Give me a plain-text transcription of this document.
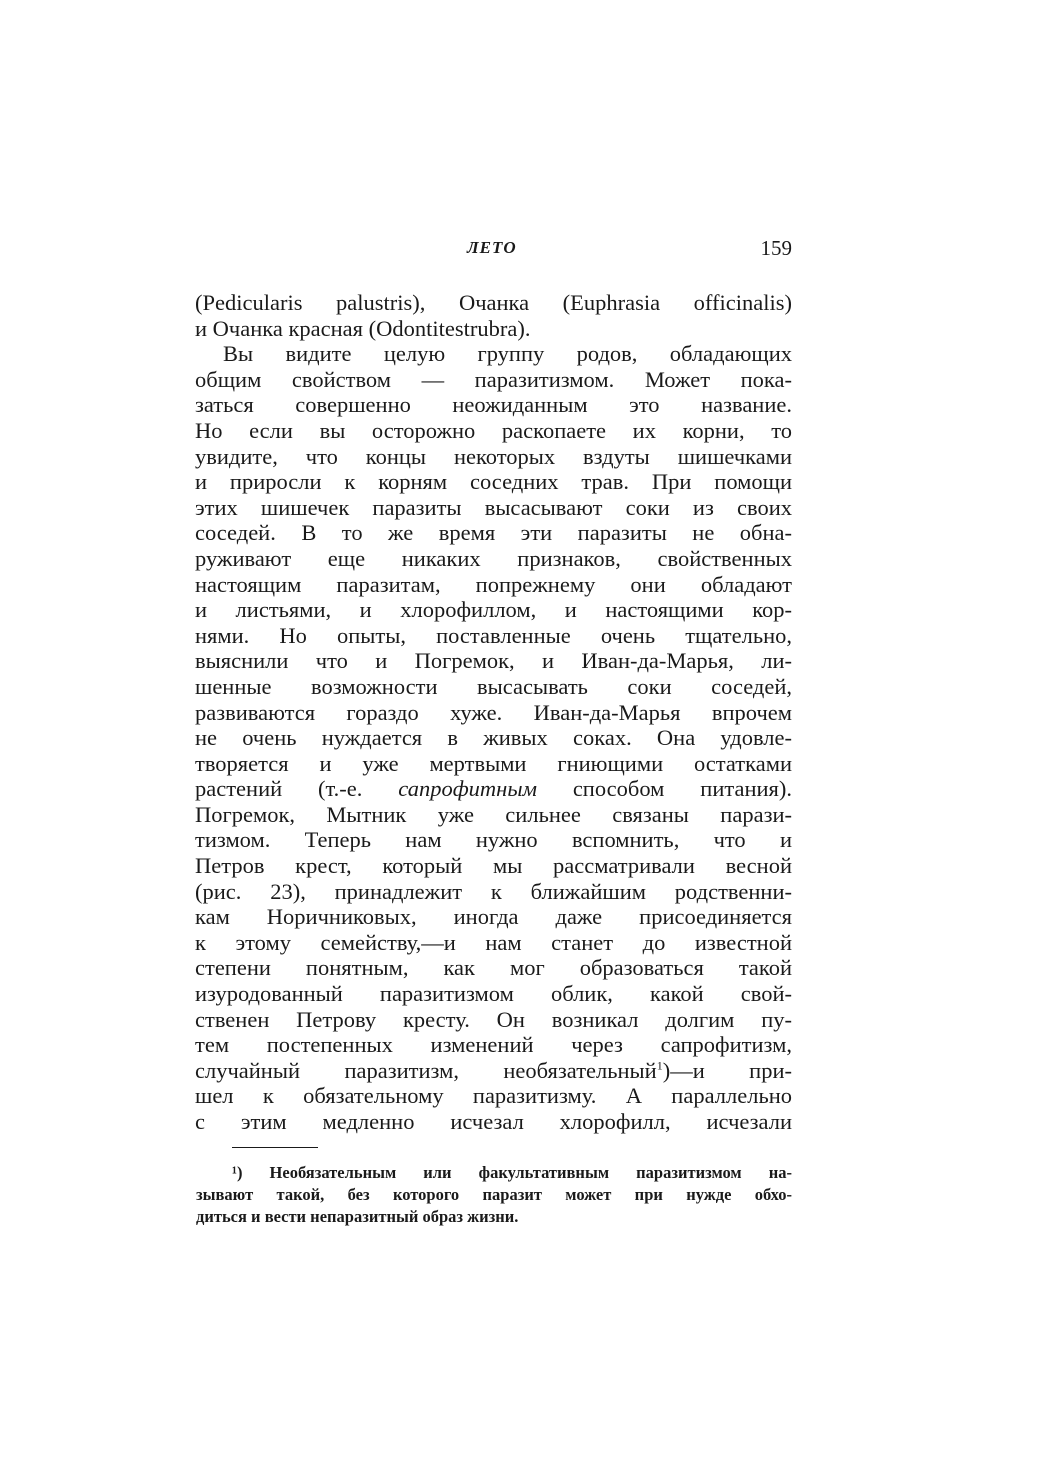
ЛЕТО	159
(Pedicularis palustris), Очанка (Euphrasia officinalis)
и Очанка красная (Odontitestrubra).
Вы видите целую группу родов, обладающих
общим свойством — паразитизмом. Может пока-
заться совершенно неожиданным это название.
Но если вы осторожно раскопаете их корни, то
увидите, что концы некоторых вздуты шишечками
и приросли к корням соседних трав. При помощи
этих шишечек паразиты высасывают соки из своих
соседей. В то же время эти паразиты не обна-
руживают еще никаких признаков, свойственных
настоящим паразитам, попрежнему они обладают
и листьями, и хлорофиллом, и настоящими кор-
нями. Но опыты, поставленные очень тщательно,
выяснили что и Погремок, и Иван-да-Марья, ли-
шенные возможности высасывать соки соседей,
развиваются гораздо хуже. Иван-да-Марья впрочем
не очень нуждается в живых соках. Она удовле-
творяется и уже мертвыми гниющими остатками
растений (т.-е. сапрофитным способом питания).
Погремок, Мытник уже сильнее связаны парази-
тизмом. Теперь нам нужно вспомнить, что и
Петров крест, который мы рассматривали весной
(рис. 23), принадлежит к ближайшим родственни-
кам Норичниковых, иногда даже присоединяется
к этому семейству,—и нам станет до известной
степени понятным, как мог образоваться такой
изуродованный паразитизмом облик, какой свой-
ственен Петрову кресту. Он возникал долгим пу-
тем постепенных изменений через сапрофитизм,
случайный паразитизм, необязательный$^1$)—и при-
шел к обязательному паразитизму. А параллельно
с этим медленно исчезал хлорофилл, исчезали
¹) Необязательным или факультативным паразитизмом на-
зывают такой, без которого паразит может при нужде обхо-
диться и вести непаразитный образ жизни.
